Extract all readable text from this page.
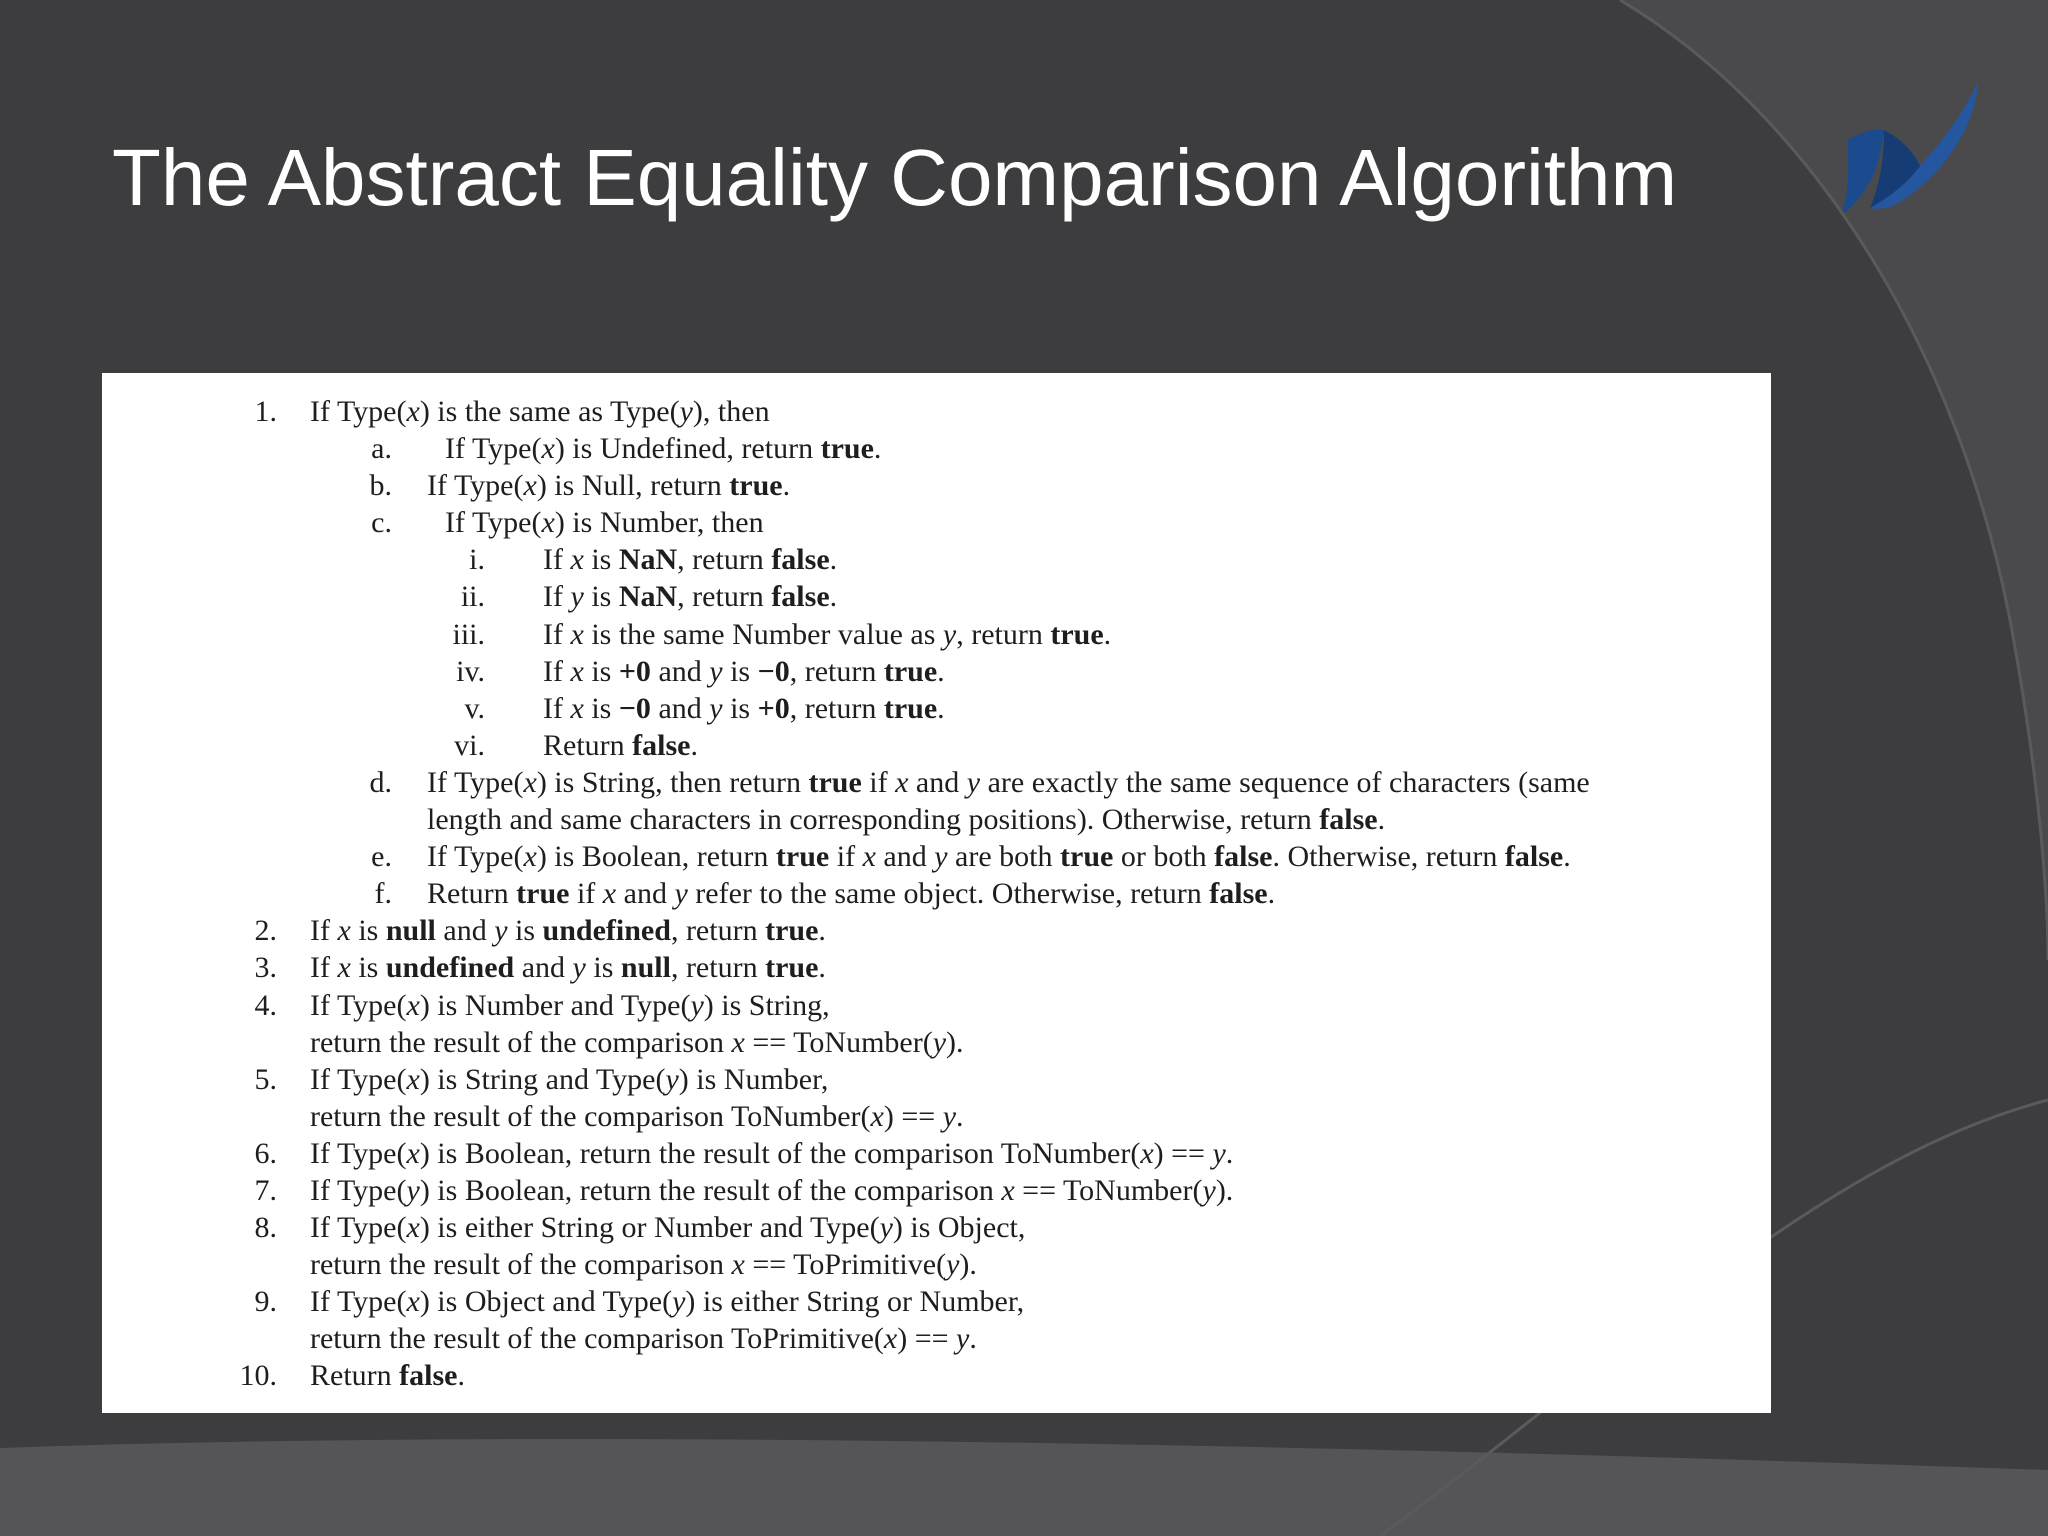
The Abstract Equality Comparison Algorithm
1. If Type(x) is the same as Type(y), then
a. If Type(x) is Undefined, return true.
b. If Type(x) is Null, return true.
c. If Type(x) is Number, then
i. If x is NaN, return false.
ii. If y is NaN, return false.
iii. If x is the same Number value as y, return true.
iv. If x is +0 and y is −0, return true.
v. If x is −0 and y is +0, return true.
vi. Return false.
d. If Type(x) is String, then return true if x and y are exactly the same sequence of characters (same
length and same characters in corresponding positions). Otherwise, return false.
e. If Type(x) is Boolean, return true if x and y are both true or both false. Otherwise, return false.
f. Return true if x and y refer to the same object. Otherwise, return false.
2. If x is null and y is undefined, return true.
3. If x is undefined and y is null, return true.
4. If Type(x) is Number and Type(y) is String,
return the result of the comparison x == ToNumber(y).
5. If Type(x) is String and Type(y) is Number,
return the result of the comparison ToNumber(x) == y.
6. If Type(x) is Boolean, return the result of the comparison ToNumber(x) == y.
7. If Type(y) is Boolean, return the result of the comparison x == ToNumber(y).
8. If Type(x) is either String or Number and Type(y) is Object,
return the result of the comparison x == ToPrimitive(y).
9. If Type(x) is Object and Type(y) is either String or Number,
return the result of the comparison ToPrimitive(x) == y.
10. Return false.
